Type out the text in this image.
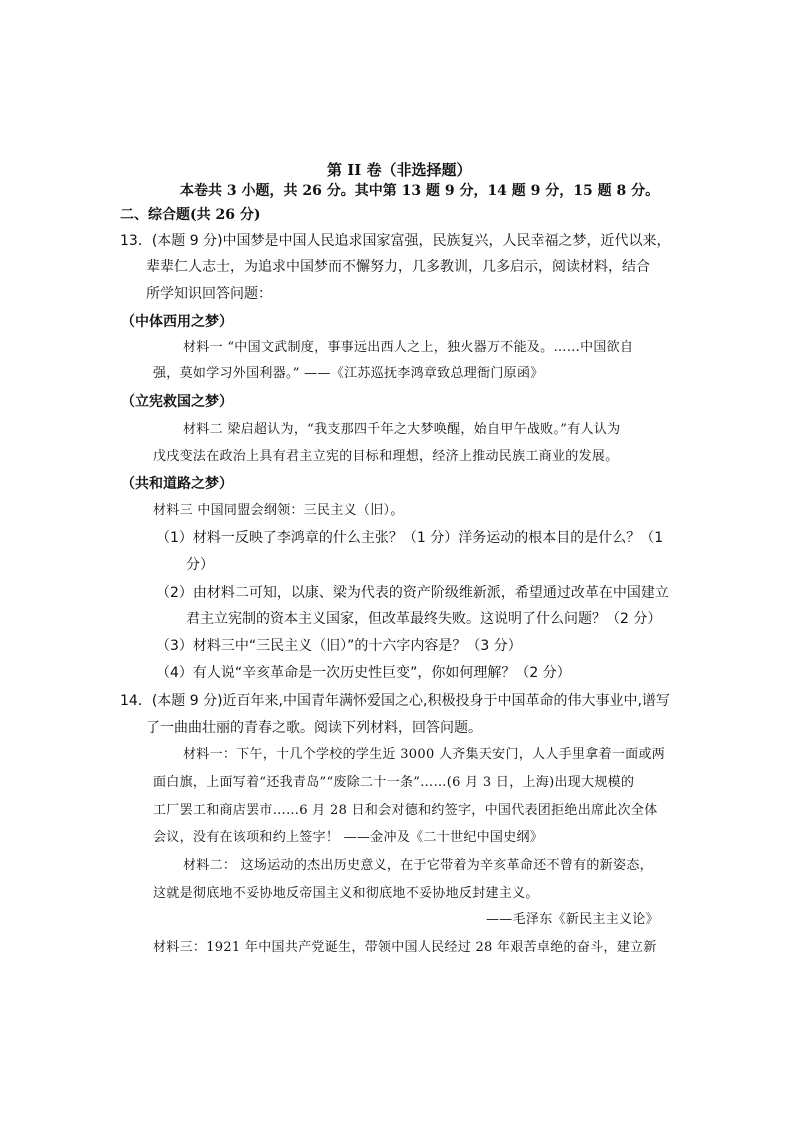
第 II 卷（非选择题）
本卷共 3 小题，共 26 分。其中第 13 题 9 分，14 题 9 分，15 题 8 分。
二、综合题(共 26 分)
13．(本题 9 分)中国梦是中国人民追求国家富强，民族复兴，人民幸福之梦，近代以来，
辈辈仁人志士，为追求中国梦而不懈努力，几多教训，几多启示，阅读材料，结合
所学知识回答问题：
（中体西用之梦）
材料一 “中国文武制度，事事远出西人之上，独火器万不能及。……中国欲自
强，莫如学习外国利器。” ——《江苏巡抚李鸿章致总理衙门原函》
（立宪救国之梦）
材料二 梁启超认为，“我支那四千年之大梦唤醒，始自甲午战败。”有人认为
戊戌变法在政治上具有君主立宪的目标和理想，经济上推动民族工商业的发展。
（共和道路之梦）
材料三 中国同盟会纲领：三民主义（旧）。
（1）材料一反映了李鸿章的什么主张？（1 分）洋务运动的根本目的是什么？（1
分）
（2）由材料二可知，以康、梁为代表的资产阶级维新派，希望通过改革在中国建立
君主立宪制的资本主义国家，但改革最终失败。这说明了什么问题？（2 分）
（3）材料三中“三民主义（旧）”的十六字内容是？（3 分）
（4）有人说“辛亥革命是一次历史性巨变”，你如何理解？（2 分）
14．(本题 9 分)近百年来,中国青年满怀爱国之心,积极投身于中国革命的伟大事业中,谱写
了一曲曲壮丽的青春之歌。阅读下列材料，回答问题。
材料一：下午，十几个学校的学生近 3000 人齐集天安门，人人手里拿着一面或两
面白旗，上面写着“还我青岛”“废除二十一条”……(6 月 3 日，上海)出现大规模的
工厂罢工和商店罢市……6 月 28 日和会对德和约签字，中国代表团拒绝出席此次全体
会议，没有在该项和约上签字！ ——金冲及《二十世纪中国史纲》
材料二： 这场运动的杰出历史意义，在于它带着为辛亥革命还不曾有的新姿态，
这就是彻底地不妥协地反帝国主义和彻底地不妥协地反封建主义。
——毛泽东《新民主主义论》
材料三：1921 年中国共产党诞生，带领中国人民经过 28 年艰苦卓绝的奋斗，建立新
